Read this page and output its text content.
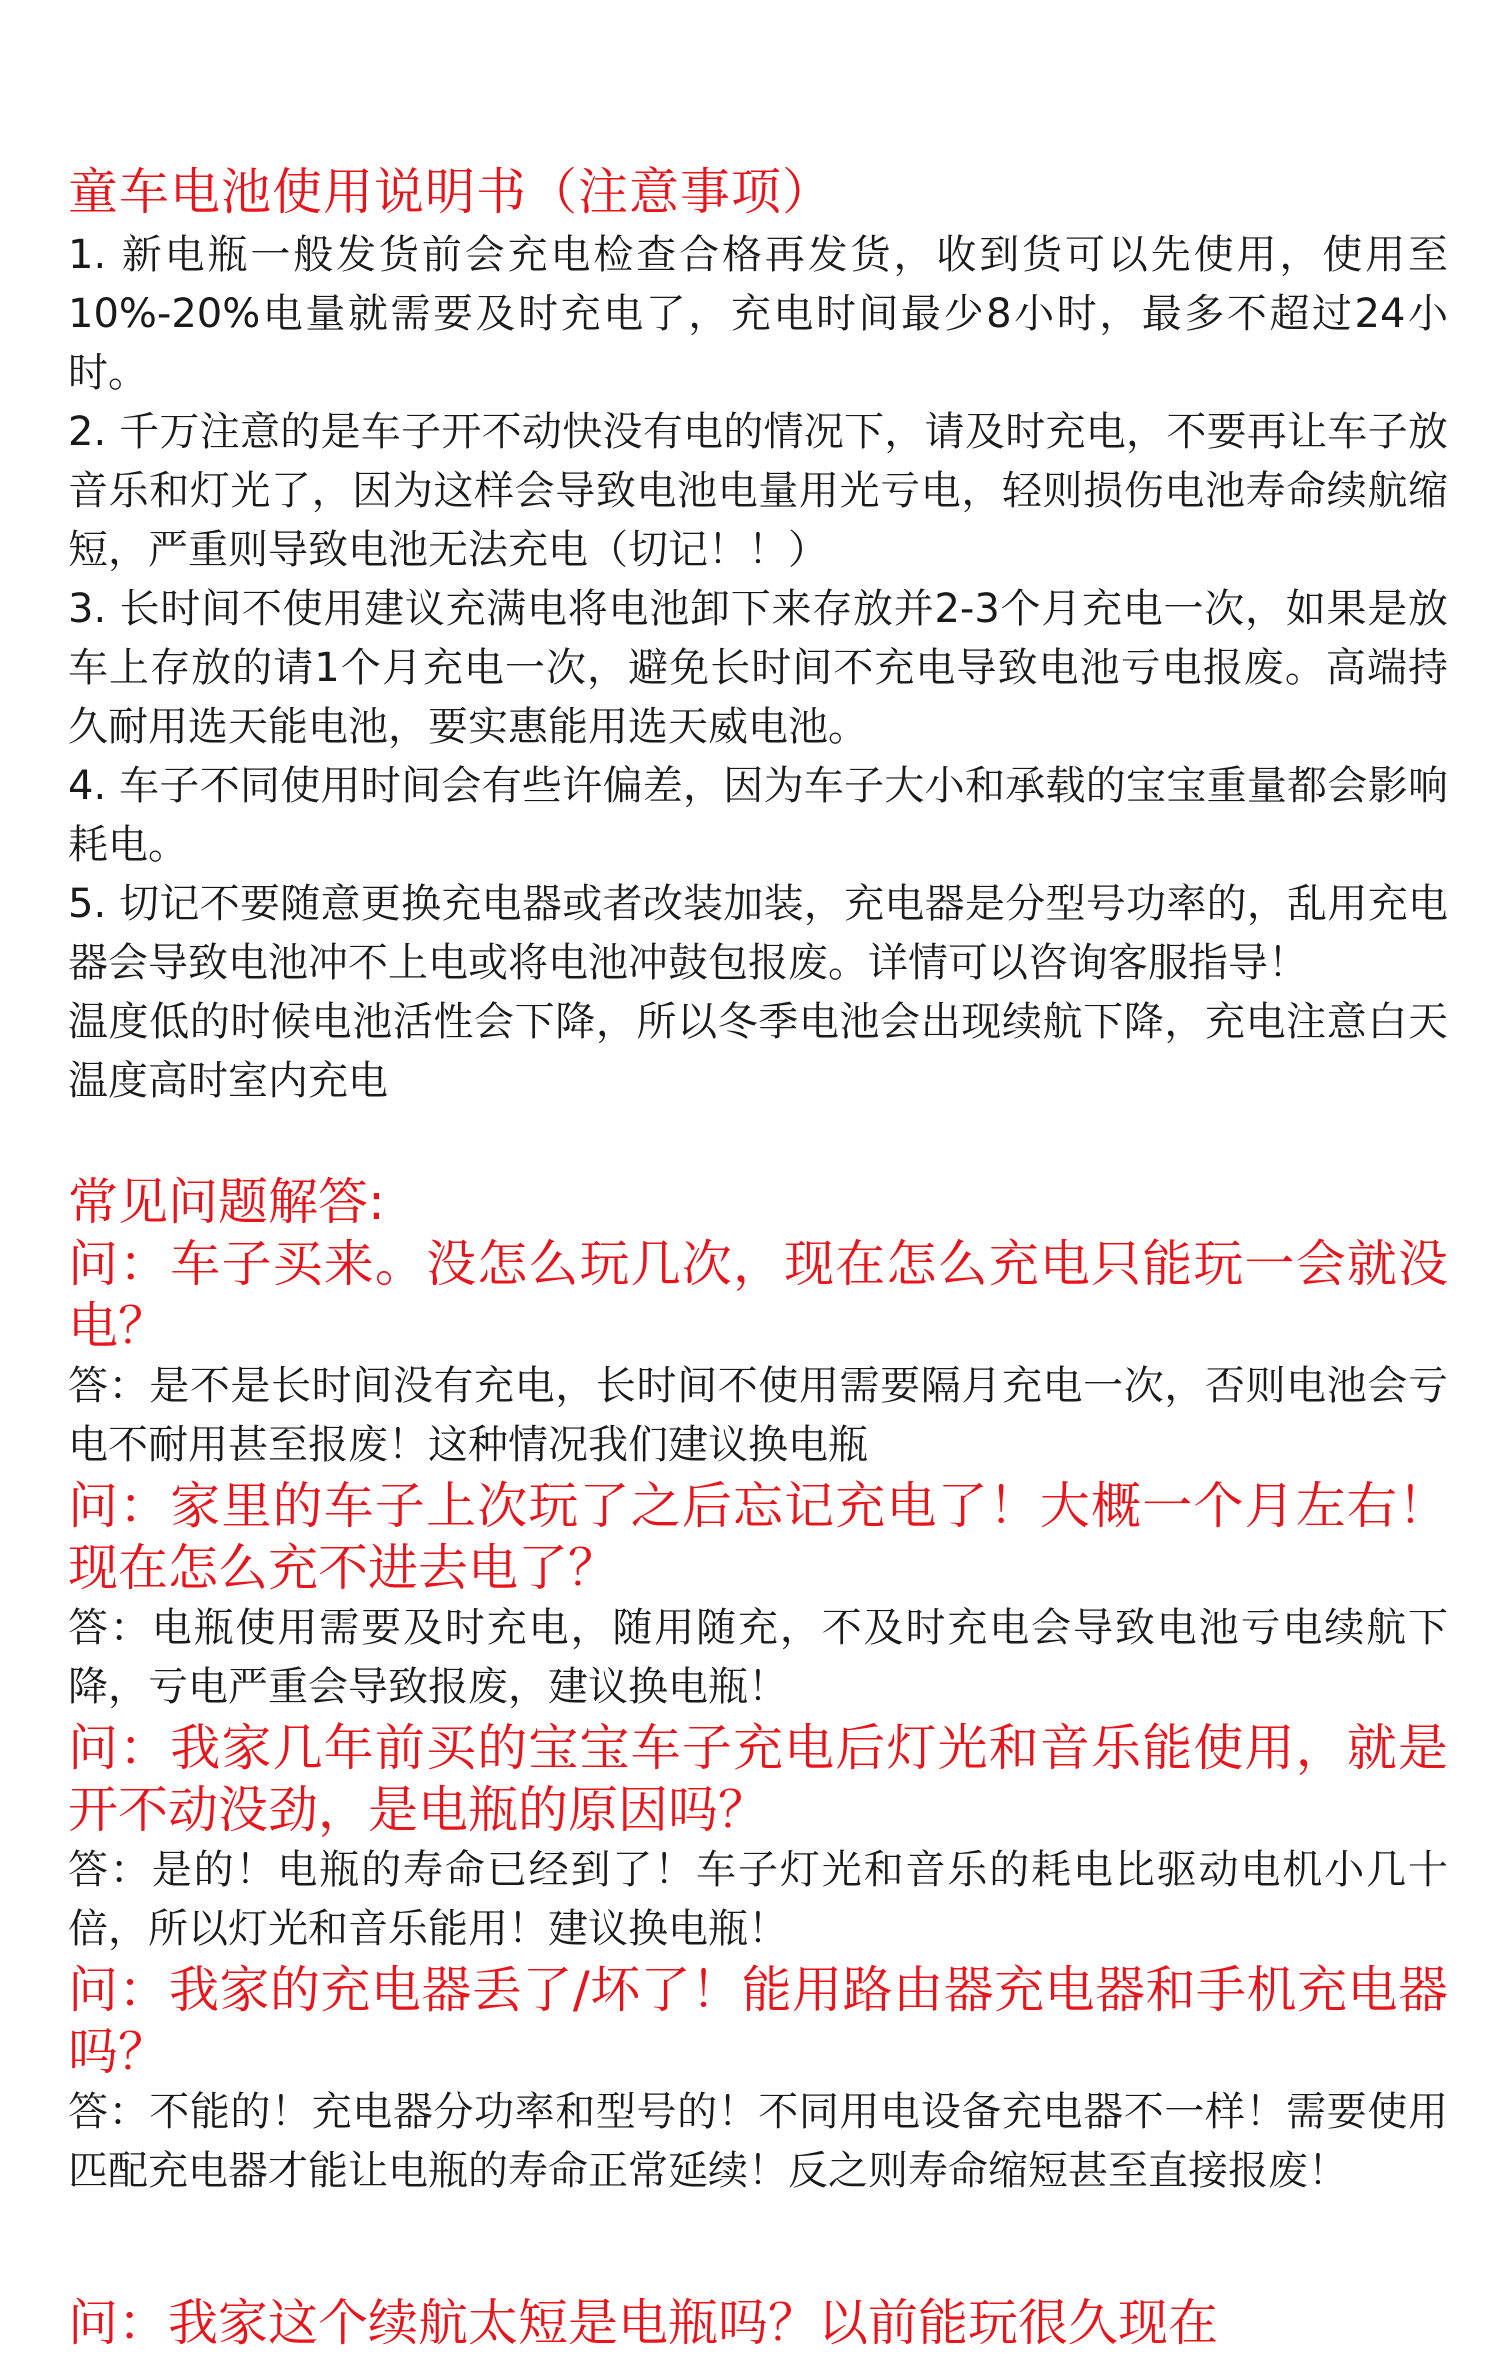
童车电池使用说明书（注意事项）

1. 新电瓶一般发货前会充电检查合格再发货，收到货可以先使用，使用至10%-20%电量就需要及时充电了，充电时间最少8小时，最多不超过24小时。

2. 千万注意的是车子开不动快没有电的情况下，请及时充电，不要再让车子放音乐和灯光了，因为这样会导致电池电量用光亏电，轻则损伤电池寿命续航缩短，严重则导致电池无法充电（切记！！）

3. 长时间不使用建议充满电将电池卸下来存放并2-3个月充电一次，如果是放车上存放的请1个月充电一次，避免长时间不充电导致电池亏电报废。高端持久耐用选天能电池，要实惠能用选天威电池。

4. 车子不同使用时间会有些许偏差，因为车子大小和承载的宝宝重量都会影响耗电。

5. 切记不要随意更换充电器或者改装加装，充电器是分型号功率的，乱用充电器会导致电池冲不上电或将电池冲鼓包报废。详情可以咨询客服指导！

温度低的时候电池活性会下降，所以冬季电池会出现续航下降，充电注意白天温度高时室内充电

常见问题解答:

问：车子买来。没怎么玩几次，现在怎么充电只能玩一会就没电？

答：是不是长时间没有充电，长时间不使用需要隔月充电一次，否则电池会亏电不耐用甚至报废！这种情况我们建议换电瓶

问：家里的车子上次玩了之后忘记充电了！大概一个月左右！现在怎么充不进去电了？

答：电瓶使用需要及时充电，随用随充，不及时充电会导致电池亏电续航下降，亏电严重会导致报废，建议换电瓶！

问：我家几年前买的宝宝车子充电后灯光和音乐能使用，就是开不动没劲，是电瓶的原因吗？

答：是的！电瓶的寿命已经到了！车子灯光和音乐的耗电比驱动电机小几十倍，所以灯光和音乐能用！建议换电瓶！

问：我家的充电器丢了/坏了！能用路由器充电器和手机充电器吗？

答：不能的！充电器分功率和型号的！不同用电设备充电器不一样！需要使用匹配充电器才能让电瓶的寿命正常延续！反之则寿命缩短甚至直接报废！

问：我家这个续航太短是电瓶吗？以前能玩很久现在
